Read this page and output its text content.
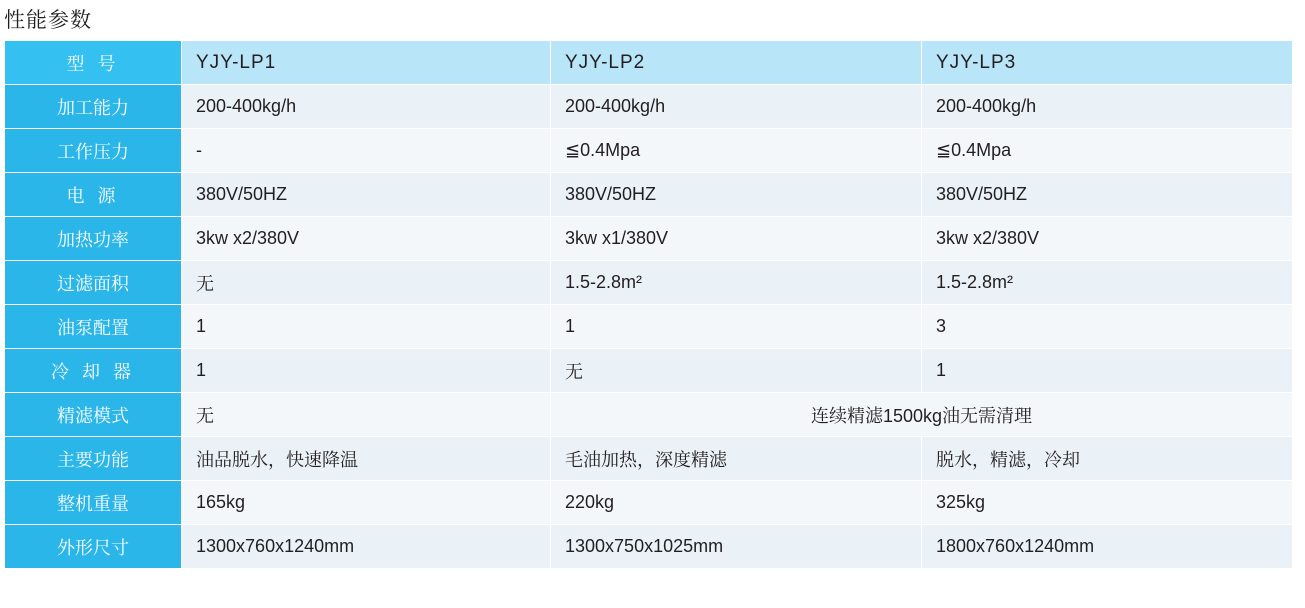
性能参数
型 号	YJY-LP1	YJY-LP2	YJY-LP3
加工能力	200-400kg/h	200-400kg/h	200-400kg/h
工作压力	-	≦0.4Mpa	≦0.4Mpa
电 源	380V/50HZ	380V/50HZ	380V/50HZ
加热功率	3kw x2/380V	3kw x1/380V	3kw x2/380V
过滤面积	无	1.5-2.8m²	1.5-2.8m²
油泵配置	1	1	3
冷 却 器	1	无	1
精滤模式	无	连续精滤1500kg油无需清理	
主要功能	油品脱水，快速降温	毛油加热，深度精滤	脱水，精滤，冷却
整机重量	165kg	220kg	325kg
外形尺寸	1300x760x1240mm	1300x750x1025mm	1800x760x1240mm
